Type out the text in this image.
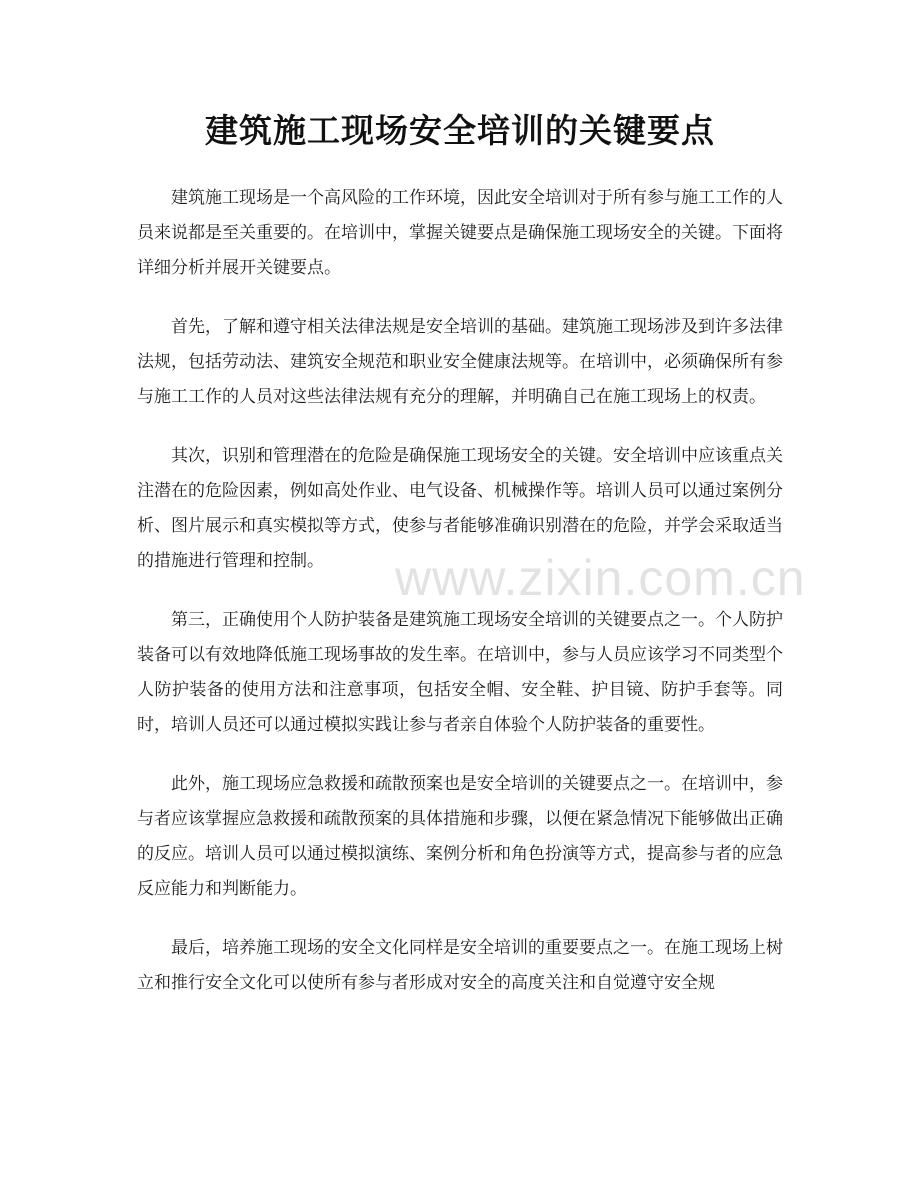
建筑施工现场安全培训的关键要点

建筑施工现场是一个高风险的工作环境，因此安全培训对于所有参与施工工作的人员来说都是至关重要的。在培训中，掌握关键要点是确保施工现场安全的关键。下面将详细分析并展开关键要点。

首先，了解和遵守相关法律法规是安全培训的基础。建筑施工现场涉及到许多法律法规，包括劳动法、建筑安全规范和职业安全健康法规等。在培训中，必须确保所有参与施工工作的人员对这些法律法规有充分的理解，并明确自己在施工现场上的权责。

其次，识别和管理潜在的危险是确保施工现场安全的关键。安全培训中应该重点关注潜在的危险因素，例如高处作业、电气设备、机械操作等。培训人员可以通过案例分析、图片展示和真实模拟等方式，使参与者能够准确识别潜在的危险，并学会采取适当的措施进行管理和控制。

第三，正确使用个人防护装备是建筑施工现场安全培训的关键要点之一。个人防护装备可以有效地降低施工现场事故的发生率。在培训中，参与人员应该学习不同类型个人防护装备的使用方法和注意事项，包括安全帽、安全鞋、护目镜、防护手套等。同时，培训人员还可以通过模拟实践让参与者亲自体验个人防护装备的重要性。

此外，施工现场应急救援和疏散预案也是安全培训的关键要点之一。在培训中，参与者应该掌握应急救援和疏散预案的具体措施和步骤，以便在紧急情况下能够做出正确的反应。培训人员可以通过模拟演练、案例分析和角色扮演等方式，提高参与者的应急反应能力和判断能力。

最后，培养施工现场的安全文化同样是安全培训的重要要点之一。在施工现场上树立和推行安全文化可以使所有参与者形成对安全的高度关注和自觉遵守安全规

www.zixin.com.cn
